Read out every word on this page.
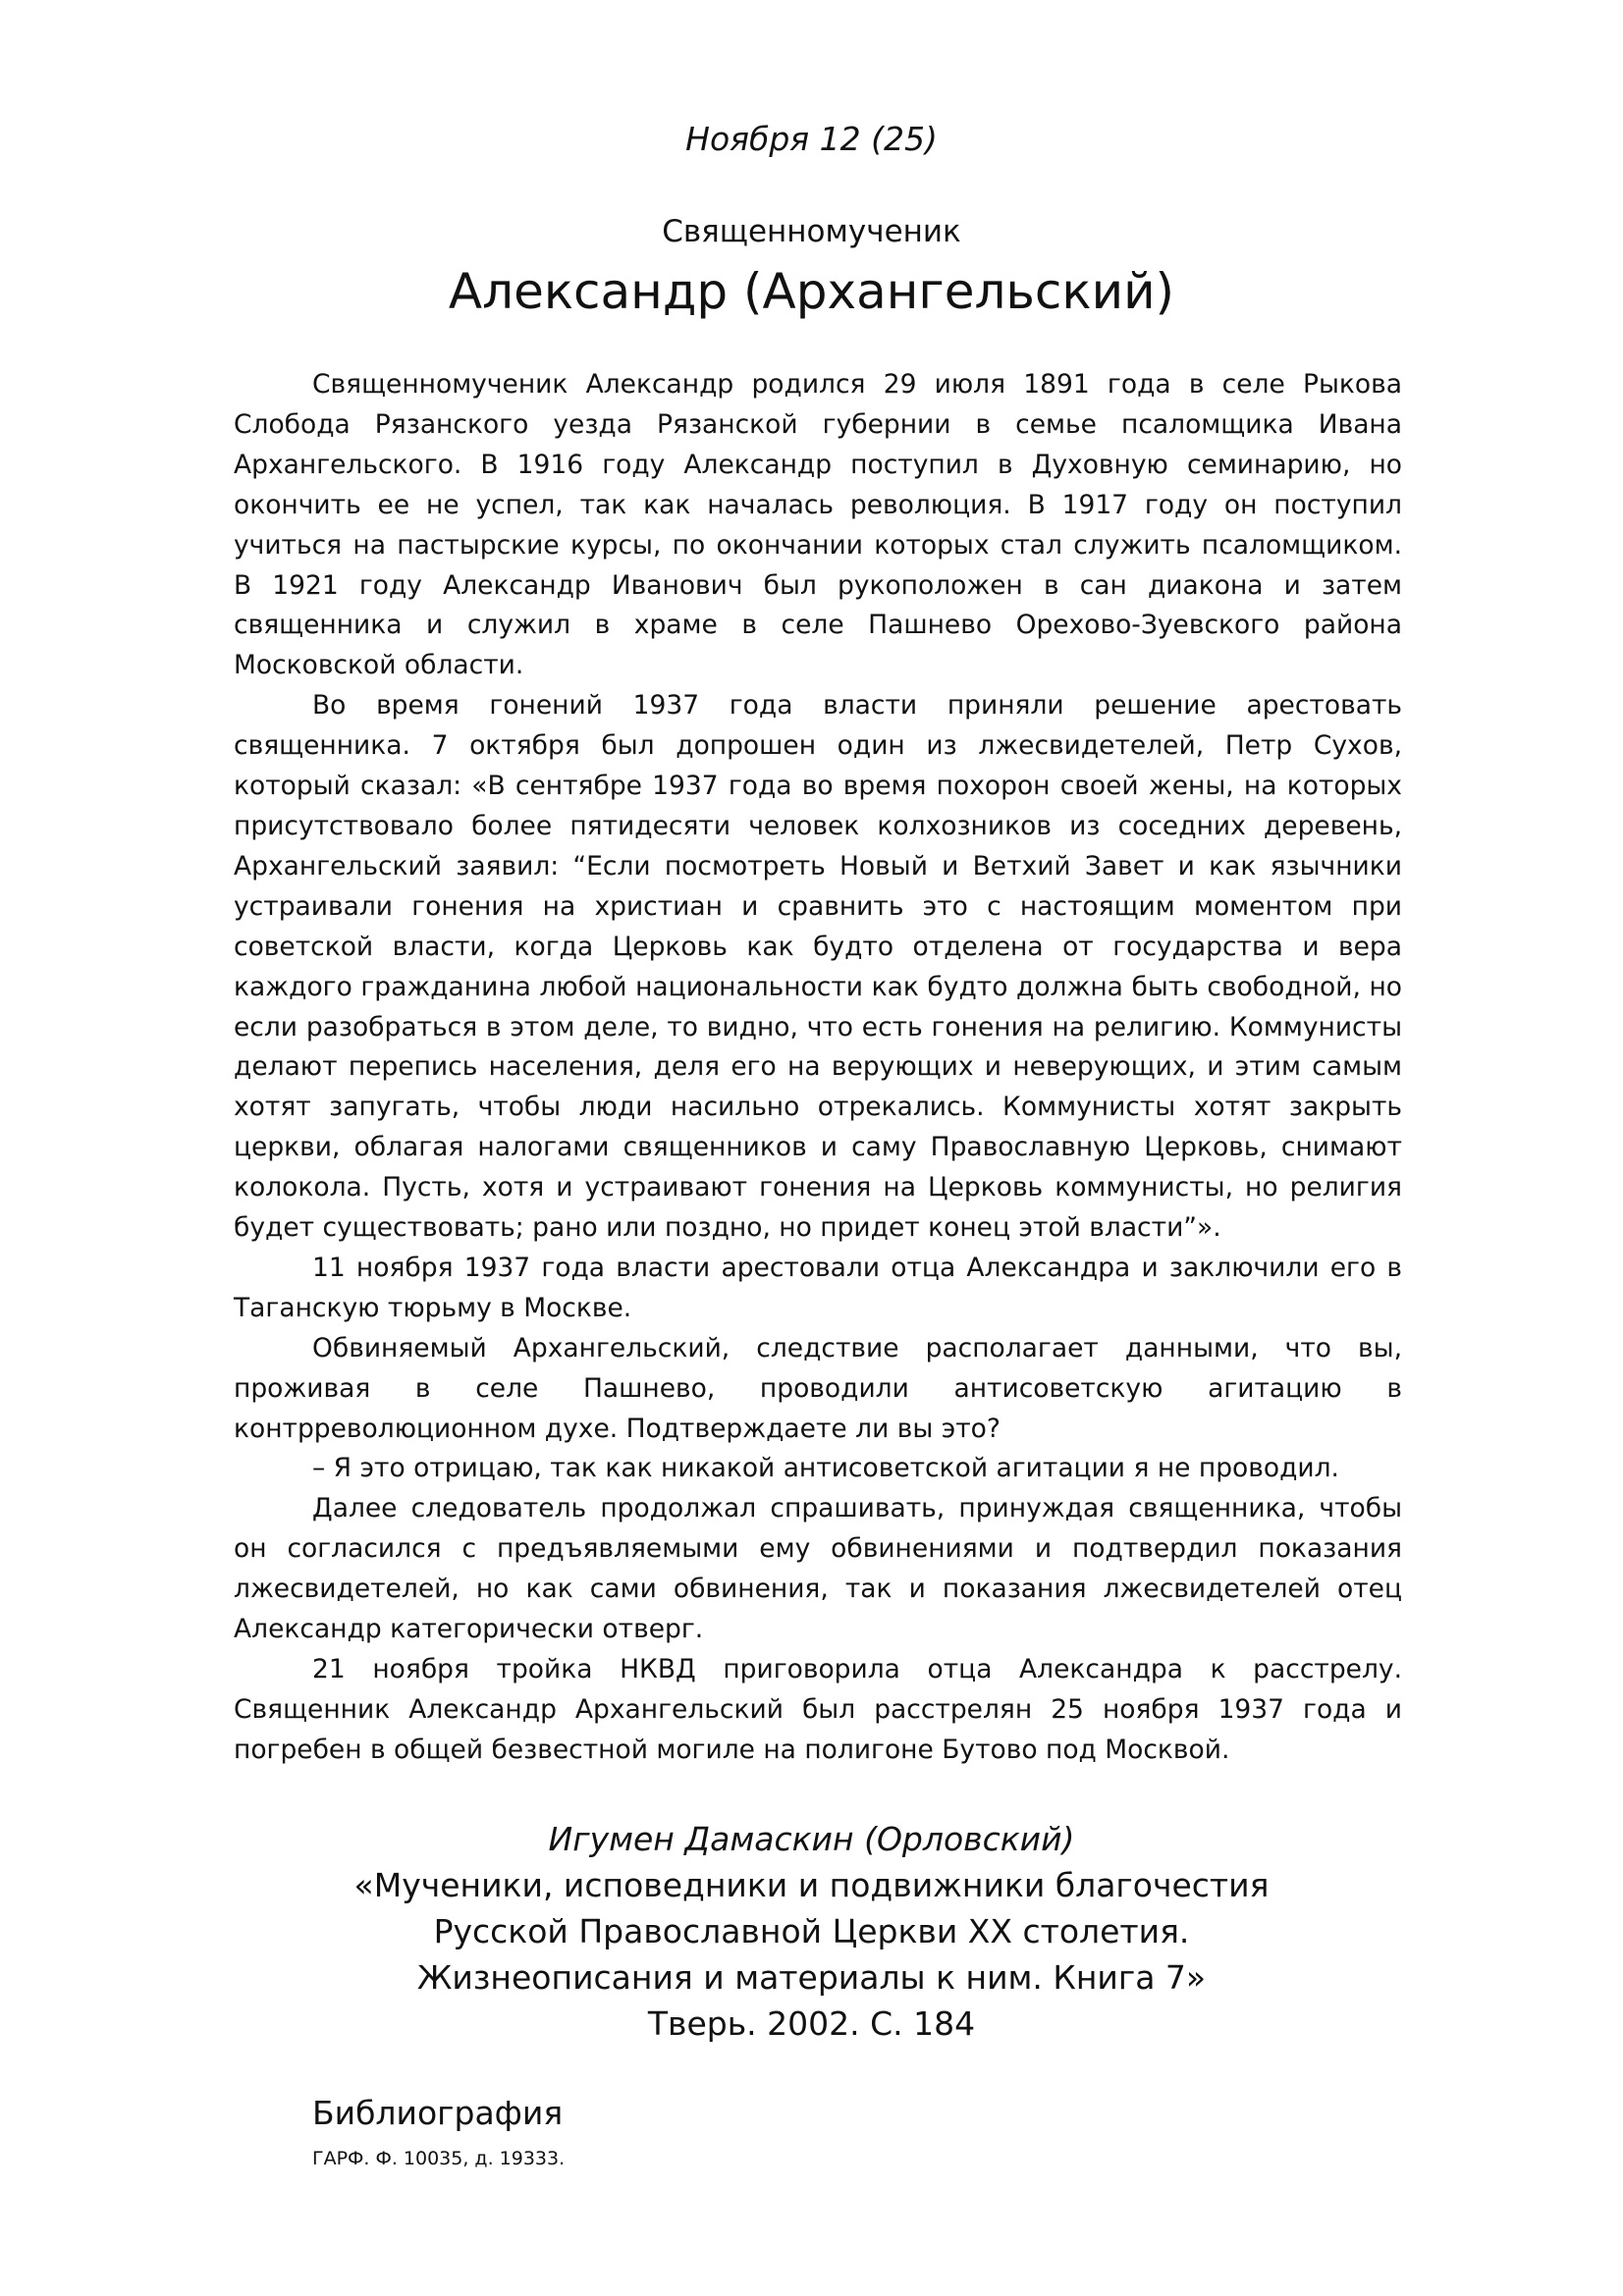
Ноября 12 (25)
Священномученик
Александр (Архангельский)

Священномученик Александр родился 29 июля 1891 года в селе Рыкова Слобода Рязанского уезда Рязанской губернии в семье псаломщика Ивана Архангельского. В 1916 году Александр поступил в Духовную семинарию, но окончить ее не успел, так как началась революция. В 1917 году он поступил учиться на пастырские курсы, по окончании которых стал служить псаломщиком. В 1921 году Александр Иванович был рукоположен в сан диакона и затем священника и служил в храме в селе Пашнево Орехово-Зуевского района Московской области.

Во время гонений 1937 года власти приняли решение арестовать священника. 7 октября был допрошен один из лжесвидетелей, Петр Сухов, который сказал: «В сентябре 1937 года во время похорон своей жены, на которых присутствовало более пятидесяти человек колхозников из соседних деревень, Архангельский заявил: “Если посмотреть Новый и Ветхий Завет и как язычники устраивали гонения на христиан и сравнить это с настоящим моментом при советской власти, когда Церковь как будто отделена от государства и вера каждого гражданина любой национальности как будто должна быть свободной, но если разобраться в этом деле, то видно, что есть гонения на религию. Коммунисты делают перепись населения, деля его на верующих и неверующих, и этим самым хотят запугать, чтобы люди насильно отрекались. Коммунисты хотят закрыть церкви, облагая налогами священников и саму Православную Церковь, снимают колокола. Пусть, хотя и устраивают гонения на Церковь коммунисты, но религия будет существовать; рано или поздно, но придет конец этой власти”».

11 ноября 1937 года власти арестовали отца Александра и заключили его в Таганскую тюрьму в Москве.

Обвиняемый Архангельский, следствие располагает данными, что вы, проживая в селе Пашнево, проводили антисоветскую агитацию в контрреволюционном духе. Подтверждаете ли вы это?

– Я это отрицаю, так как никакой антисоветской агитации я не проводил.

Далее следователь продолжал спрашивать, принуждая священника, чтобы он согласился с предъявляемыми ему обвинениями и подтвердил показания лжесвидетелей, но как сами обвинения, так и показания лжесвидетелей отец Александр категорически отверг.

21 ноября тройка НКВД приговорила отца Александра к расстрелу. Священник Александр Архангельский был расстрелян 25 ноября 1937 года и погребен в общей безвестной могиле на полигоне Бутово под Москвой.

Игумен Дамаскин (Орловский)
«Мученики, исповедники и подвижники благочестия
Русской Православной Церкви ХХ столетия.
Жизнеописания и материалы к ним. Книга 7»
Тверь. 2002. С. 184
Библиография
ГАРФ. Ф. 10035, д. 19333.
